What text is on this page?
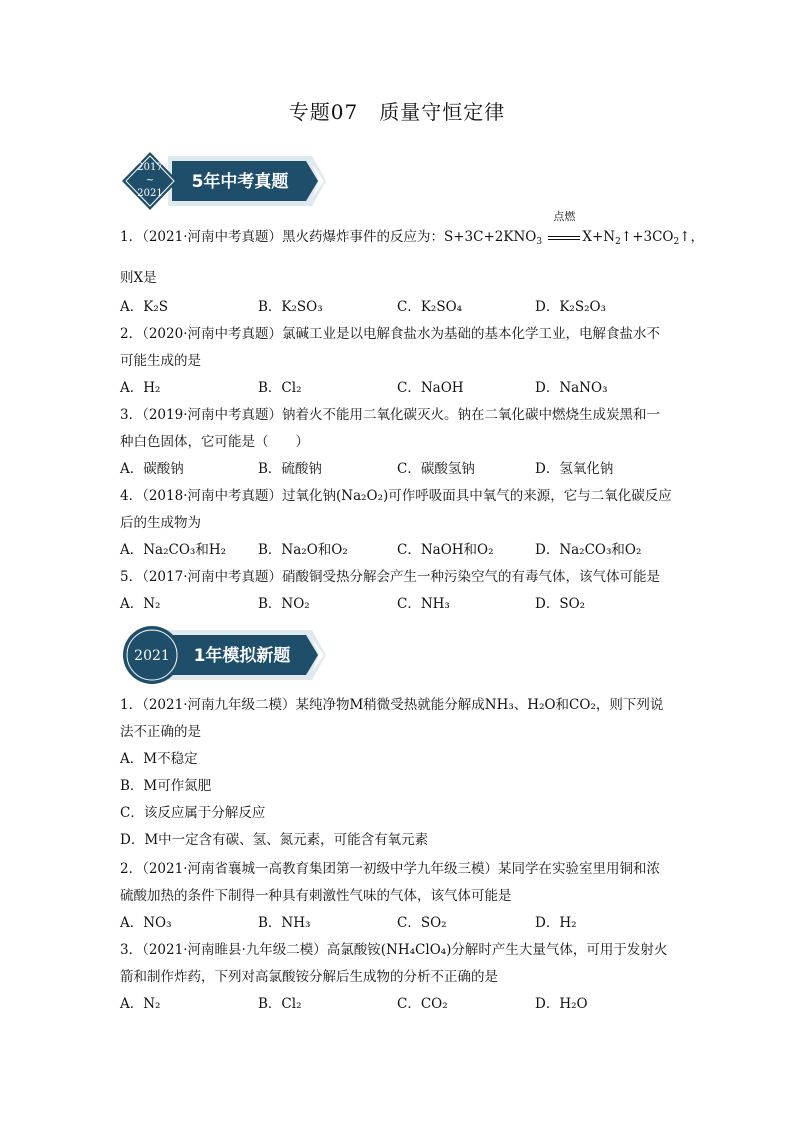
专题07　质量守恒定律
2017
~
2021
5年中考真题
1．（2021·河南中考真题）黑火药爆炸事件的反应为：$S+3C+2KNO_3$
点燃
$X+N_2↑+3CO_2↑$，
则X是
A．K₂S	B．K₂SO₃	C．K₂SO₄	D．K₂S₂O₃
2．（2020·河南中考真题）氯碱工业是以电解食盐水为基础的基本化学工业，电解食盐水不
可能生成的是
A．H₂	B．Cl₂	C．NaOH	D．NaNO₃
3．（2019·河南中考真题）钠着火不能用二氧化碳灭火。钠在二氧化碳中燃烧生成炭黑和一
种白色固体，它可能是（　　）
A．碳酸钠	B．硫酸钠	C．碳酸氢钠	D．氢氧化钠
4．（2018·河南中考真题）过氧化钠(Na₂O₂)可作呼吸面具中氧气的来源，它与二氧化碳反应
后的生成物为
A．Na₂CO₃和H₂ B．Na₂O和O₂	C．NaOH和O₂	D．Na₂CO₃和O₂
5．（2017·河南中考真题）硝酸铜受热分解会产生一种污染空气的有毒气体，该气体可能是
A．N₂	B．NO₂	C．NH₃	D．SO₂
2021 1年模拟新题
1．（2021·河南九年级二模）某纯净物M稍微受热就能分解成NH₃、H₂O和CO₂，则下列说
法不正确的是
A．M不稳定
B．M可作氮肥
C．该反应属于分解反应
D．M中一定含有碳、氢、氮元素，可能含有氧元素
2．（2021·河南省襄城一高教育集团第一初级中学九年级三模）某同学在实验室里用铜和浓
硫酸加热的条件下制得一种具有刺激性气味的气体，该气体可能是
A．NO₃	B．NH₃	C．SO₂	D．H₂
3．（2021·河南睢县·九年级二模）高氯酸铵(NH₄ClO₄)分解时产生大量气体，可用于发射火
箭和制作炸药，下列对高氯酸铵分解后生成物的分析不正确的是
A．N₂	B．Cl₂	C．CO₂	D．H₂O
